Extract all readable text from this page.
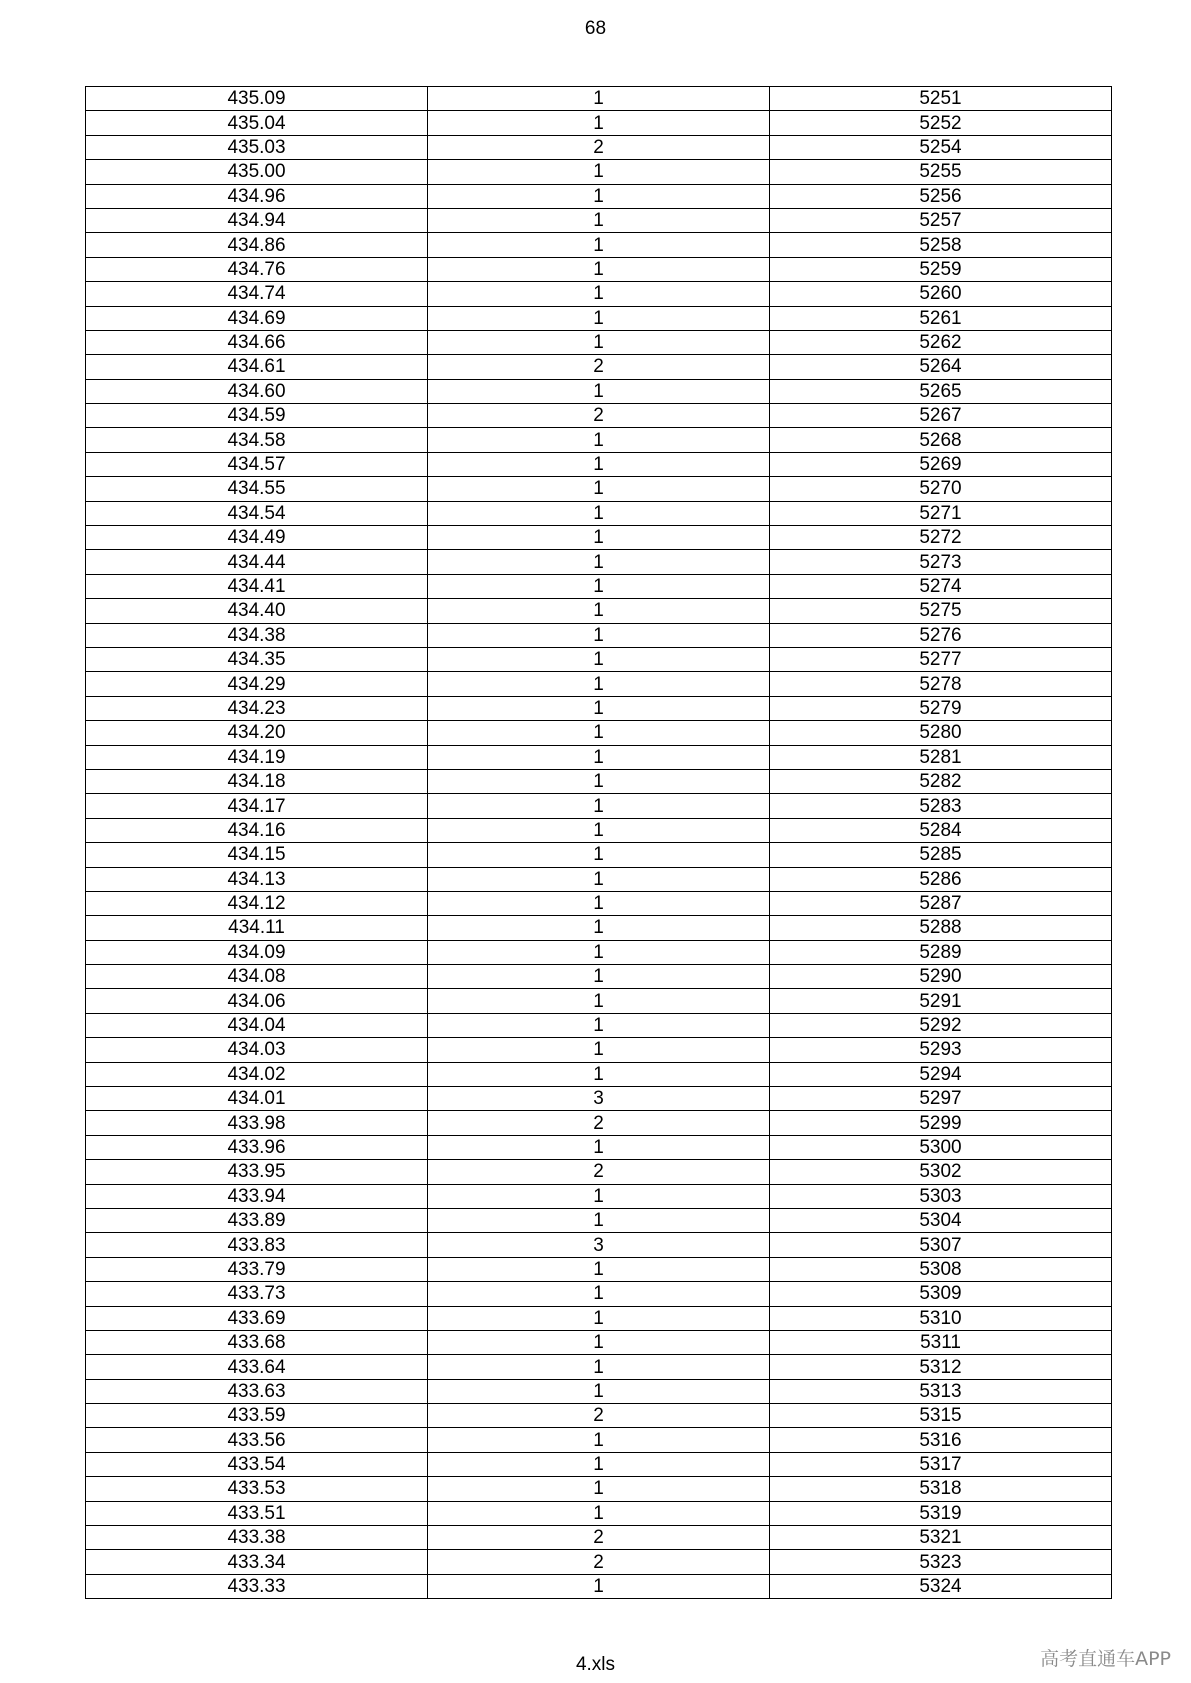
68
435.09	1	5251
435.04	1	5252
435.03	2	5254
435.00	1	5255
434.96	1	5256
434.94	1	5257
434.86	1	5258
434.76	1	5259
434.74	1	5260
434.69	1	5261
434.66	1	5262
434.61	2	5264
434.60	1	5265
434.59	2	5267
434.58	1	5268
434.57	1	5269
434.55	1	5270
434.54	1	5271
434.49	1	5272
434.44	1	5273
434.41	1	5274
434.40	1	5275
434.38	1	5276
434.35	1	5277
434.29	1	5278
434.23	1	5279
434.20	1	5280
434.19	1	5281
434.18	1	5282
434.17	1	5283
434.16	1	5284
434.15	1	5285
434.13	1	5286
434.12	1	5287
434.11	1	5288
434.09	1	5289
434.08	1	5290
434.06	1	5291
434.04	1	5292
434.03	1	5293
434.02	1	5294
434.01	3	5297
433.98	2	5299
433.96	1	5300
433.95	2	5302
433.94	1	5303
433.89	1	5304
433.83	3	5307
433.79	1	5308
433.73	1	5309
433.69	1	5310
433.68	1	5311
433.64	1	5312
433.63	1	5313
433.59	2	5315
433.56	1	5316
433.54	1	5317
433.53	1	5318
433.51	1	5319
433.38	2	5321
433.34	2	5323
433.33	1	5324
4.xls	高考直通车APP
